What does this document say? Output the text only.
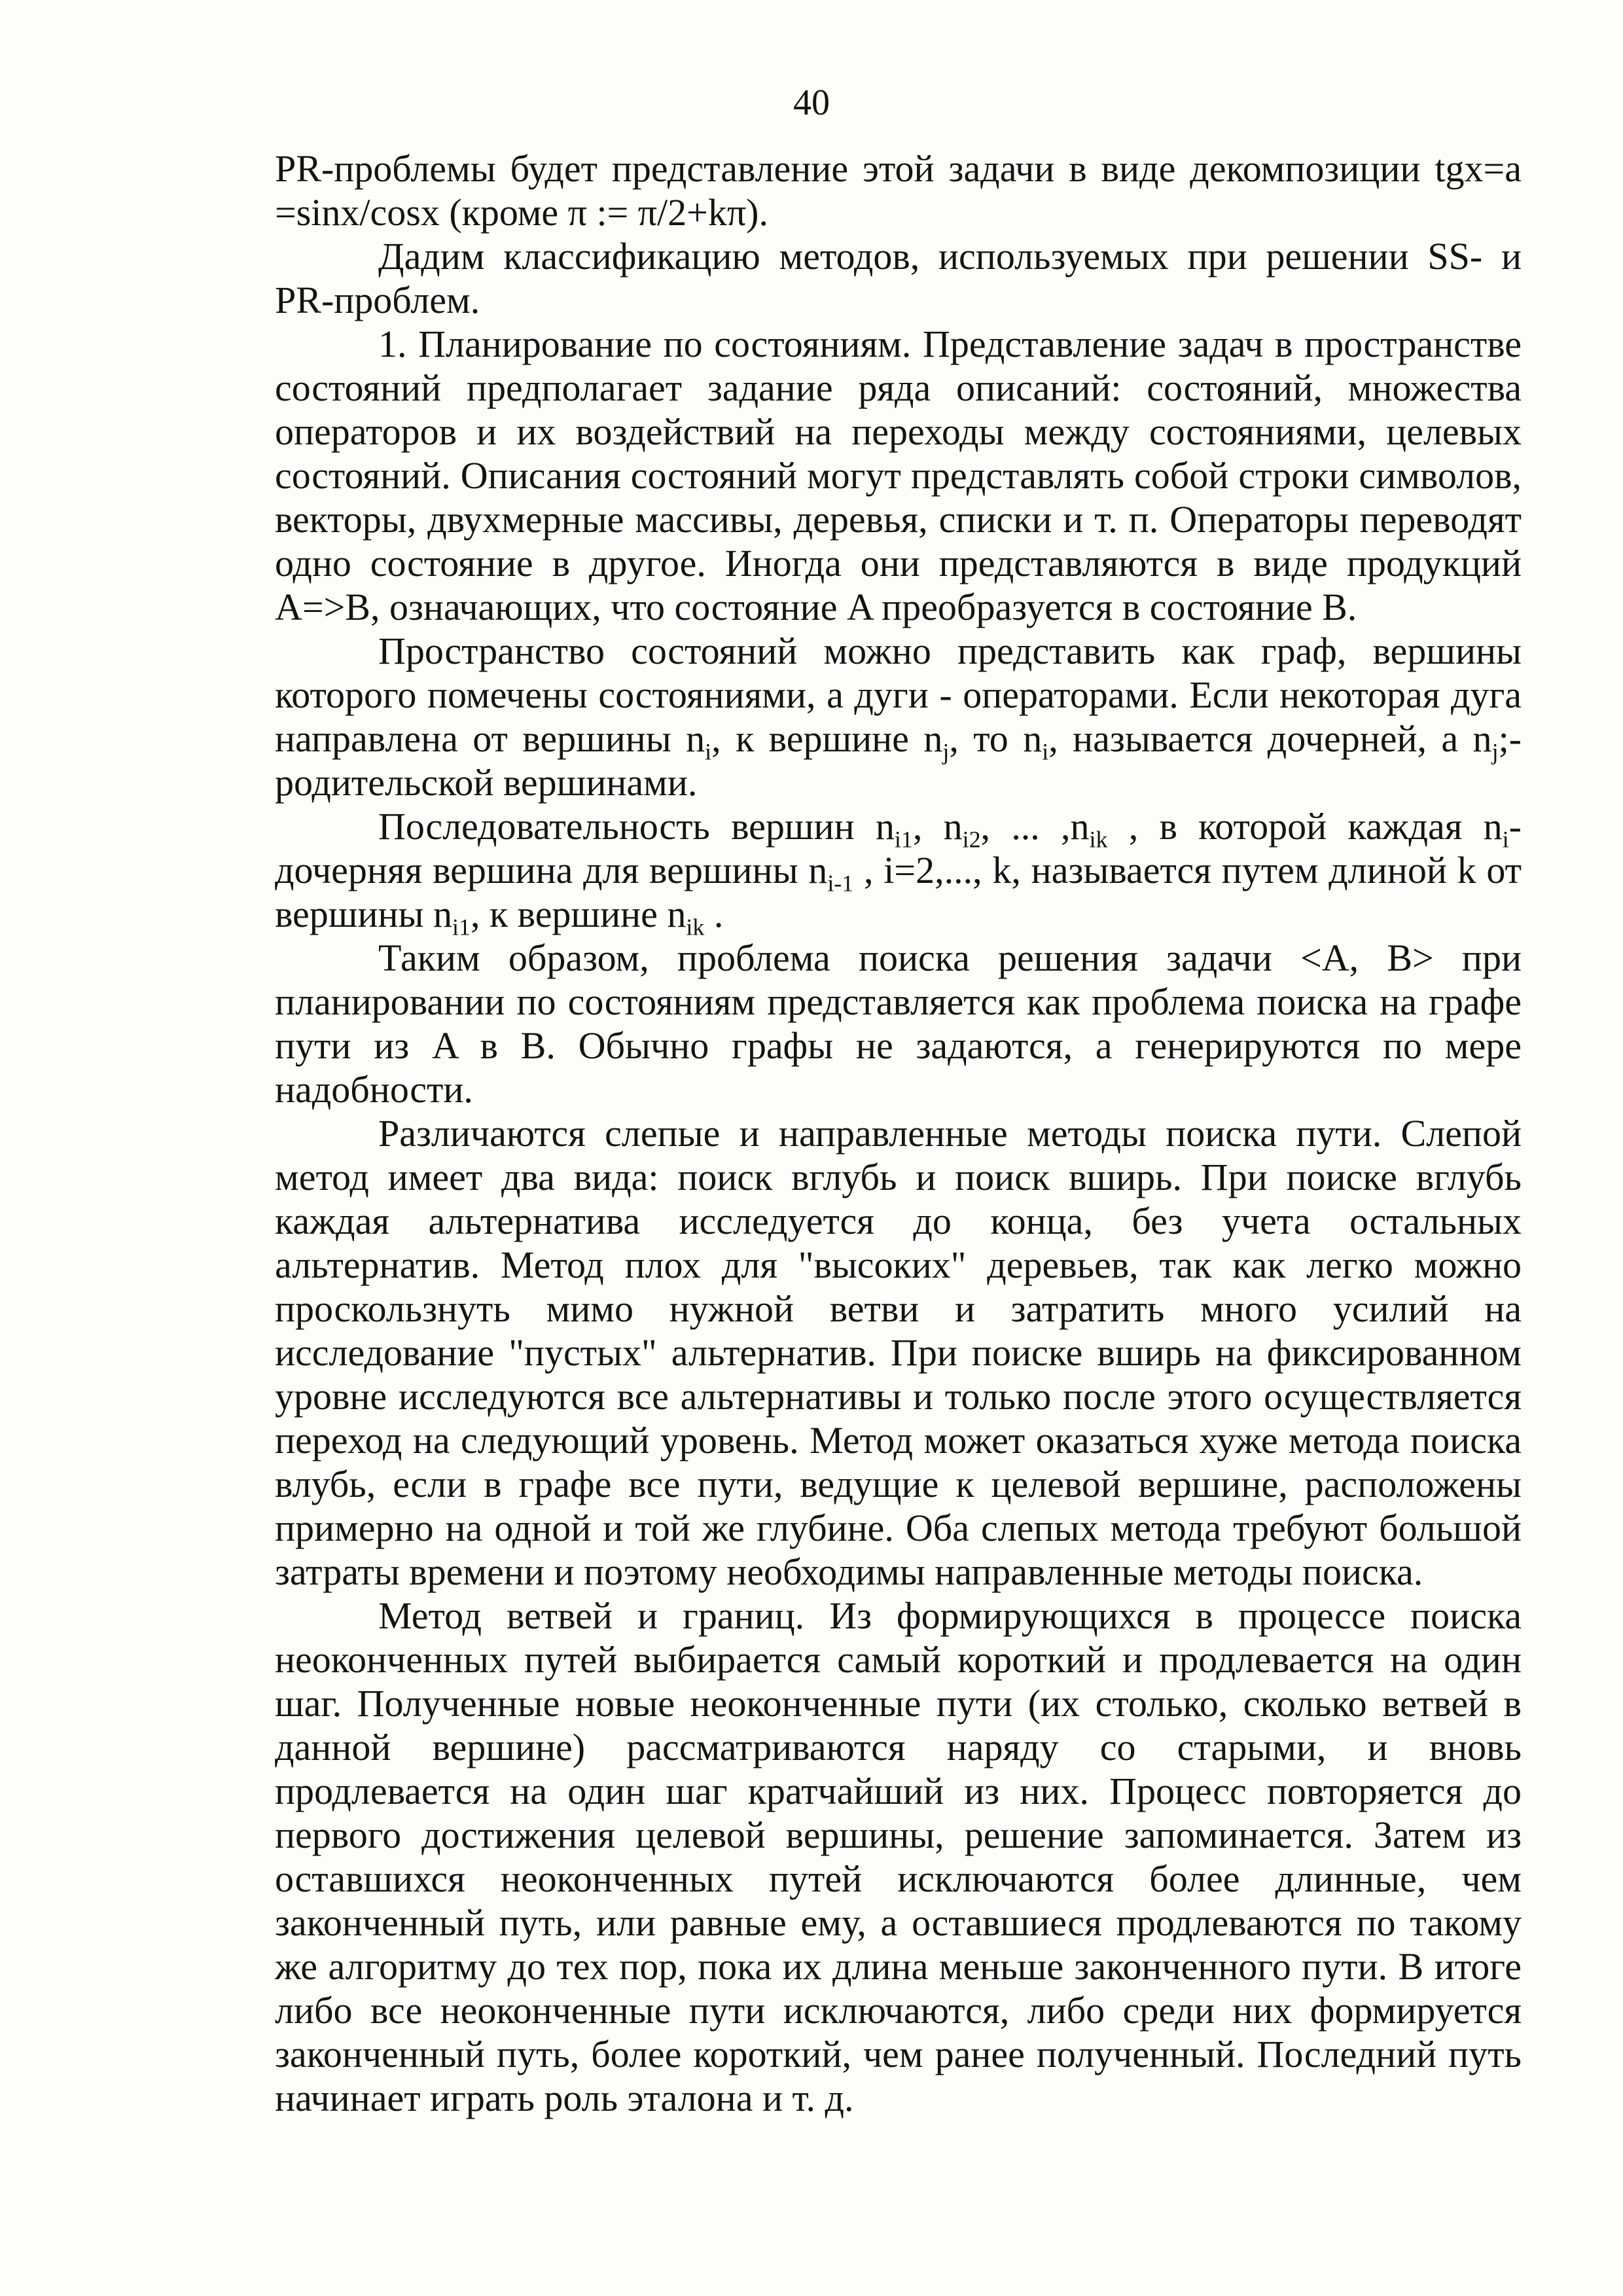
40

PR-проблемы будет представление этой задачи в виде декомпозиции tgx=a =sinx/cosx (кроме π := π/2+kπ).

Дадим классификацию методов, используемых при решении SS- и PR-проблем.

1. Планирование по состояниям. Представление задач в пространстве состояний предполагает задание ряда описаний: состояний, множества операторов и их воздействий на переходы между состояниями, целевых состояний. Описания состояний могут представлять собой строки символов, векторы, двухмерные массивы, деревья, списки и т. п. Операторы переводят одно состояние в другое. Иногда они представляются в виде продукций A=>B, означающих, что состояние A преобразуется в состояние B.

Пространство состояний можно представить как граф, вершины которого помечены состояниями, а дуги - операторами. Если некоторая дуга направлена от вершины $n_i$, к вершине $n_j$, то $n_i$, называется дочерней, а $n_j;-$ родительской вершинами.

Последовательность вершин $n_{i1}$, $n_{i2}$, ... $,n_{ik}$ , в которой каждая $n_i$-дочерняя вершина для вершины $n_{i-1}$ , i=2,..., k, называется путем длиной k от вершины $n_{i1}$, к вершине $n_{ik}$ .

Таким образом, проблема поиска решения задачи <A, B> при планировании по состояниям представляется как проблема поиска на графе пути из A в B. Обычно графы не задаются, а генерируются по мере надобности.

Различаются слепые и направленные методы поиска пути. Слепой метод имеет два вида: поиск вглубь и поиск вширь. При поиске вглубь каждая альтернатива исследуется до конца, без учета остальных альтернатив. Метод плох для "высоких" деревьев, так как легко можно проскользнуть мимо нужной ветви и затратить много усилий на исследование "пустых" альтернатив. При поиске вширь на фиксированном уровне исследуются все альтернативы и только после этого осуществляется переход на следующий уровень. Метод может оказаться хуже метода поиска влубь, если в графе все пути, ведущие к целевой вершине, расположены примерно на одной и той же глубине. Оба слепых метода требуют большой затраты времени и поэтому необходимы направленные методы поиска.

Метод ветвей и границ. Из формирующихся в процессе поиска неоконченных путей выбирается самый короткий и продлевается на один шаг. Полученные новые неоконченные пути (их столько, сколько ветвей в данной вершине) рассматриваются наряду со старыми, и вновь продлевается на один шаг кратчайший из них. Процесс повторяется до первого достижения целевой вершины, решение запоминается. Затем из оставшихся неоконченных путей исключаются более длинные, чем законченный путь, или равные ему, а оставшиеся продлеваются по такому же алгоритму до тех пор, пока их длина меньше законченного пути. В итоге либо все неоконченные пути исключаются, либо среди них формируется законченный путь, более короткий, чем ранее полученный. Последний путь начинает играть роль эталона и т. д.
